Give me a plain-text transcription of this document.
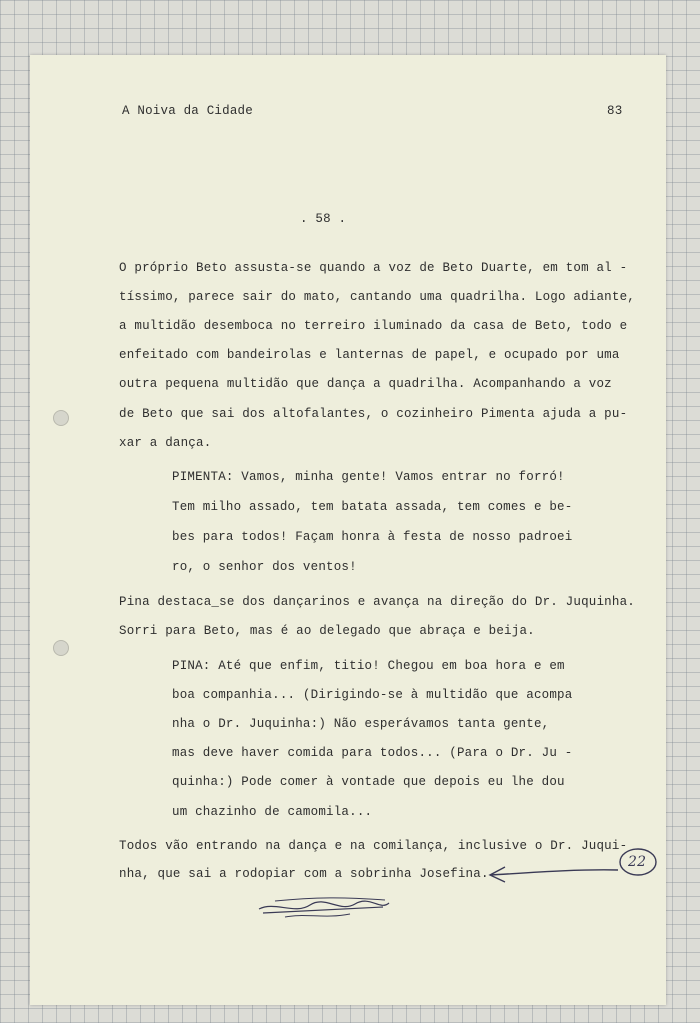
A Noiva da Cidade	83
. 58 .
O próprio Beto assusta-se quando a voz de Beto Duarte, em tom al -
tíssimo, parece sair do mato, cantando uma quadrilha. Logo adiante,
a multidão desemboca no terreiro iluminado da casa de Beto, todo e
enfeitado com bandeirolas e lanternas de papel, e ocupado por uma
outra pequena multidão que dança a quadrilha. Acompanhando a voz
de Beto que sai dos altofalantes, o cozinheiro Pimenta ajuda a pu-
xar a dança.
PIMENTA: Vamos, minha gente! Vamos entrar no forró!
Tem milho assado, tem batata assada, tem comes e be-
bes para todos! Façam honra à festa de nosso padroei
ro, o senhor dos ventos!
Pina destaca_se dos dançarinos e avança na direção do Dr. Juquinha.
Sorri para Beto, mas é ao delegado que abraça e beija.
PINA: Até que enfim, titio! Chegou em boa hora e em
boa companhia... (Dirigindo-se à multidão que acompa
nha o Dr. Juquinha:) Não esperávamos tanta gente,
mas deve haver comida para todos... (Para o Dr. Ju -
quinha:) Pode comer à vontade que depois eu lhe dou
um chazinho de camomila...
Todos vão entrando na dança e na comilança, inclusive o Dr. Juqui-
nha, que sai a rodopiar com a sobrinha Josefina.
22
